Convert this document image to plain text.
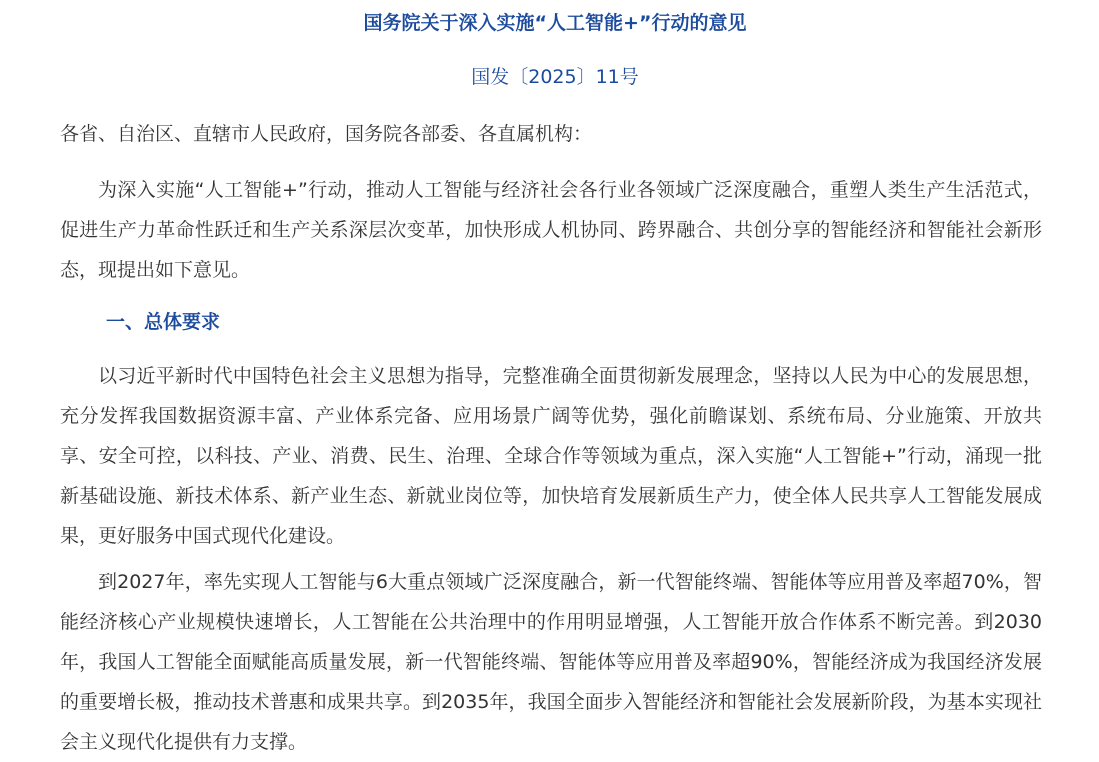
国务院关于深入实施“人工智能+”行动的意见
国发〔2025〕11号
各省、自治区、直辖市人民政府，国务院各部委、各直属机构：
为深入实施“人工智能+”行动，推动人工智能与经济社会各行业各领域广泛深度融合，重塑人类生产生活范式，促进生产力革命性跃迁和生产关系深层次变革，加快形成人机协同、跨界融合、共创分享的智能经济和智能社会新形态，现提出如下意见。
一、总体要求
以习近平新时代中国特色社会主义思想为指导，完整准确全面贯彻新发展理念，坚持以人民为中心的发展思想，充分发挥我国数据资源丰富、产业体系完备、应用场景广阔等优势，强化前瞻谋划、系统布局、分业施策、开放共享、安全可控，以科技、产业、消费、民生、治理、全球合作等领域为重点，深入实施“人工智能+”行动，涌现一批新基础设施、新技术体系、新产业生态、新就业岗位等，加快培育发展新质生产力，使全体人民共享人工智能发展成果，更好服务中国式现代化建设。
到2027年，率先实现人工智能与6大重点领域广泛深度融合，新一代智能终端、智能体等应用普及率超70%，智能经济核心产业规模快速增长，人工智能在公共治理中的作用明显增强，人工智能开放合作体系不断完善。到2030年，我国人工智能全面赋能高质量发展，新一代智能终端、智能体等应用普及率超90%，智能经济成为我国经济发展的重要增长极，推动技术普惠和成果共享。到2035年，我国全面步入智能经济和智能社会发展新阶段，为基本实现社会主义现代化提供有力支撑。
